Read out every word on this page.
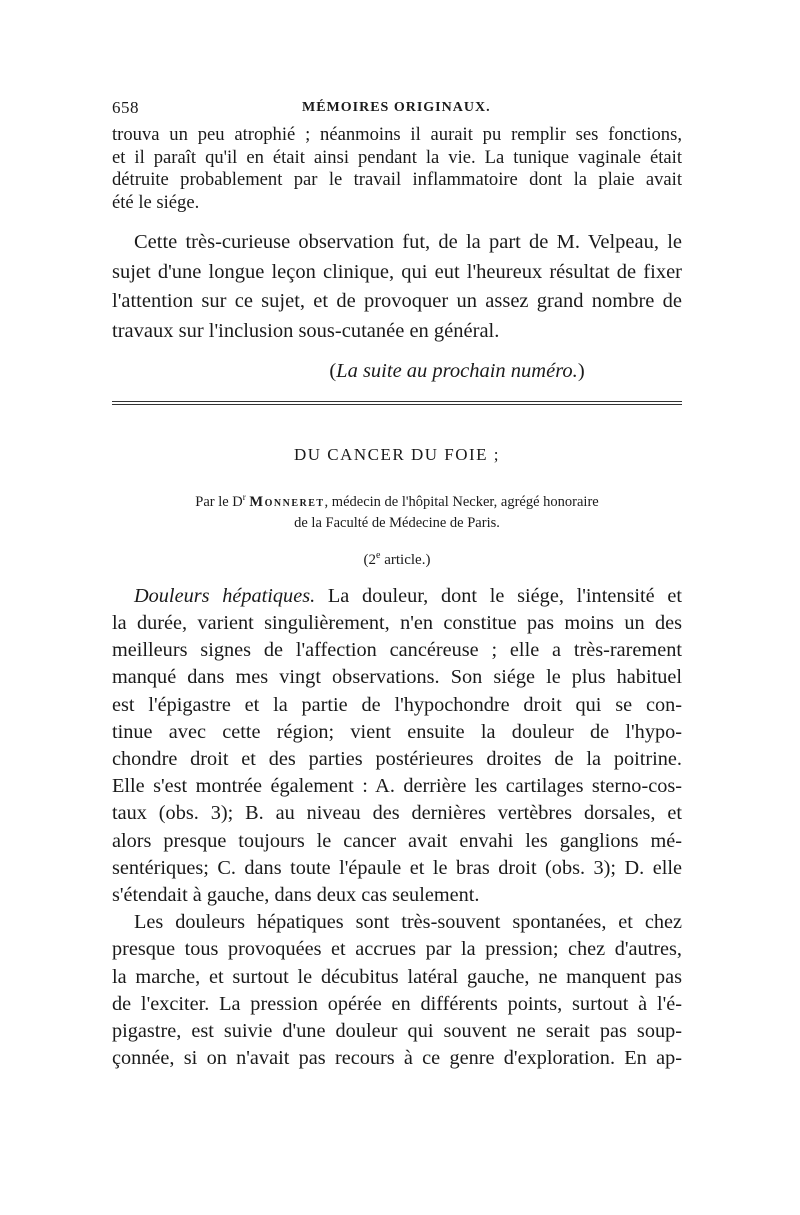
658	MÉMOIRES ORIGINAUX.

trouva un peu atrophié ; néanmoins il aurait pu remplir ses fonctions,

et il paraît qu'il en était ainsi pendant la vie. La tunique vaginale était

détruite probablement par le travail inflammatoire dont la plaie avait

été le siége.

Cette très-curieuse observation fut, de la part de M. Velpeau, le

sujet d'une longue leçon clinique, qui eut l'heureux résultat de fixer

l'attention sur ce sujet, et de provoquer un assez grand nombre de

travaux sur l'inclusion sous-cutanée en général.

(La suite au prochain numéro.)
DU CANCER DU FOIE ;
Par le $D^r$ Monneret, médecin de l'hôpital Necker, agrégé honoraire
de la Faculté de Médecine de Paris.
(2e article.)

Douleurs hépatiques. La douleur, dont le siége, l'intensité et

la durée, varient singulièrement, n'en constitue pas moins un des

meilleurs signes de l'affection cancéreuse ; elle a très-rarement

manqué dans mes vingt observations. Son siége le plus habituel

est l'épigastre et la partie de l'hypochondre droit qui se con-

tinue avec cette région; vient ensuite la douleur de l'hypo-

chondre droit et des parties postérieures droites de la poitrine.

Elle s'est montrée également : A. derrière les cartilages sterno-cos-

taux (obs. 3); B. au niveau des dernières vertèbres dorsales, et

alors presque toujours le cancer avait envahi les ganglions mé-

sentériques; C. dans toute l'épaule et le bras droit (obs. 3); D. elle

s'étendait à gauche, dans deux cas seulement.

Les douleurs hépatiques sont très-souvent spontanées, et chez

presque tous provoquées et accrues par la pression; chez d'autres,

la marche, et surtout le décubitus latéral gauche, ne manquent pas

de l'exciter. La pression opérée en différents points, surtout à l'é-

pigastre, est suivie d'une douleur qui souvent ne serait pas soup-

çonnée, si on n'avait pas recours à ce genre d'exploration. En ap-
